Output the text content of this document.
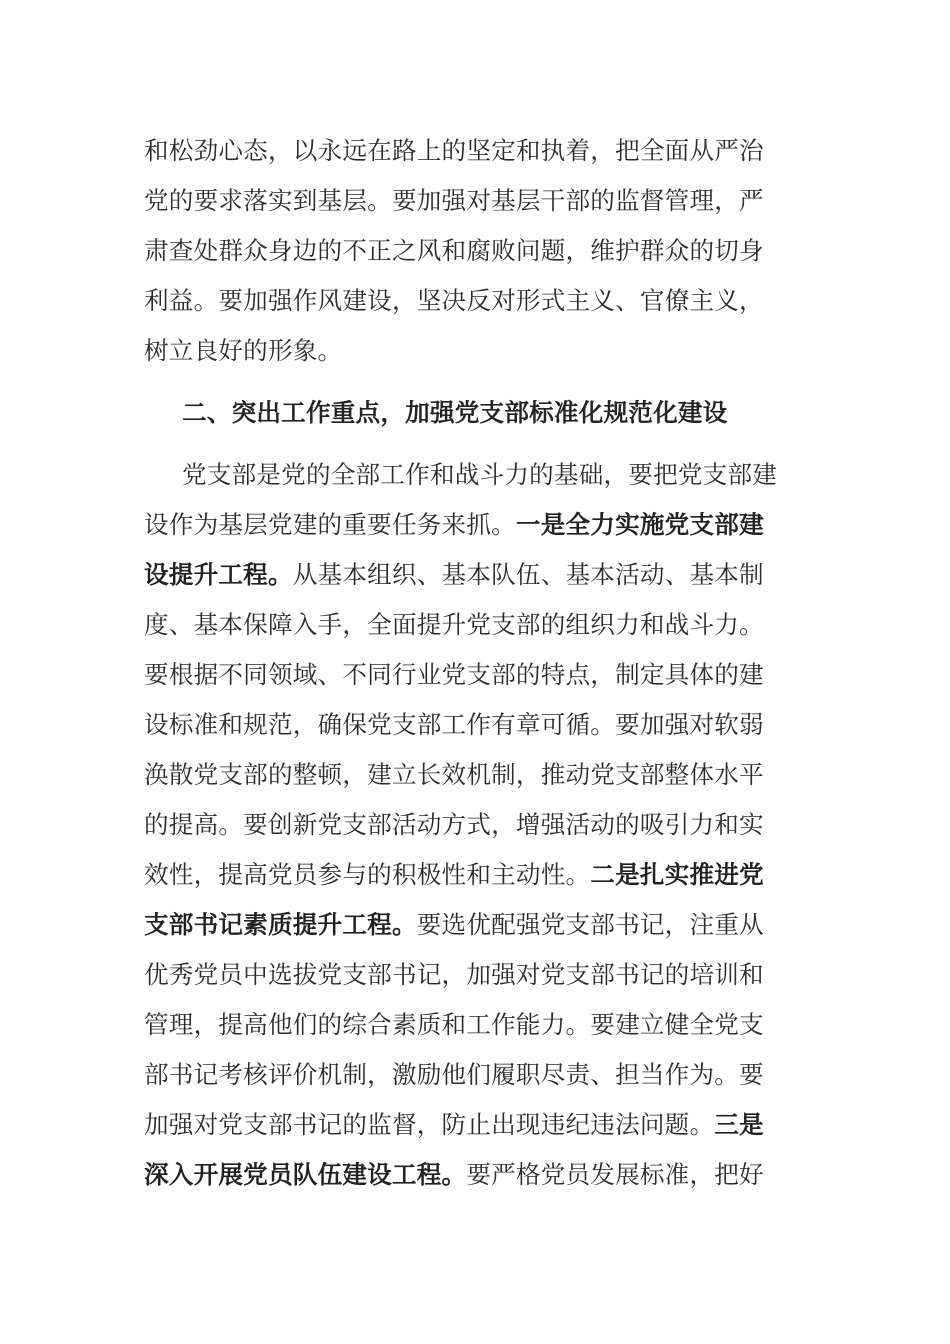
和松劲心态，以永远在路上的坚定和执着，把全面从严治
党的要求落实到基层。要加强对基层干部的监督管理，严
肃查处群众身边的不正之风和腐败问题，维护群众的切身
利益。要加强作风建设，坚决反对形式主义、官僚主义，
树立良好的形象。
二、突出工作重点，加强党支部标准化规范化建设
党支部是党的全部工作和战斗力的基础，要把党支部建
设作为基层党建的重要任务来抓。一是全力实施党支部建
设提升工程。从基本组织、基本队伍、基本活动、基本制
度、基本保障入手，全面提升党支部的组织力和战斗力。
要根据不同领域、不同行业党支部的特点，制定具体的建
设标准和规范，确保党支部工作有章可循。要加强对软弱
涣散党支部的整顿，建立长效机制，推动党支部整体水平
的提高。要创新党支部活动方式，增强活动的吸引力和实
效性，提高党员参与的积极性和主动性。二是扎实推进党
支部书记素质提升工程。要选优配强党支部书记，注重从
优秀党员中选拔党支部书记，加强对党支部书记的培训和
管理，提高他们的综合素质和工作能力。要建立健全党支
部书记考核评价机制，激励他们履职尽责、担当作为。要
加强对党支部书记的监督，防止出现违纪违法问题。三是
深入开展党员队伍建设工程。要严格党员发展标准，把好
